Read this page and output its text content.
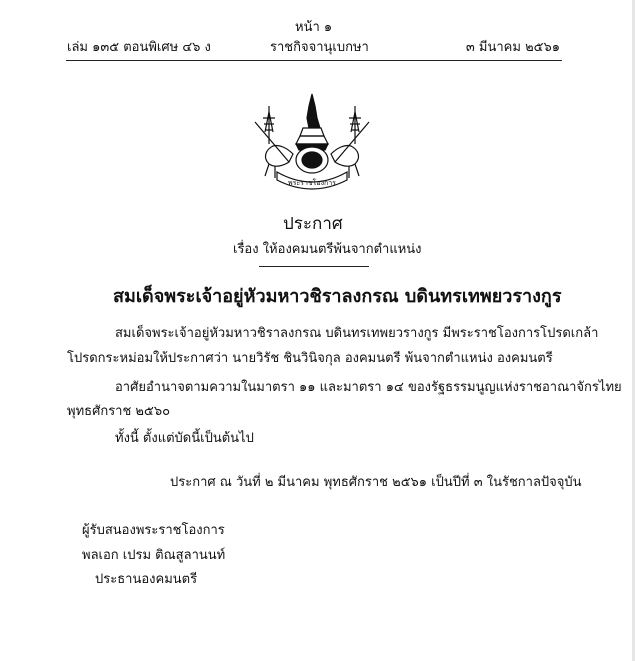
หน้า ๑
เล่ม ๑๓๕ ตอนพิเศษ ๔๖ ง	ราชกิจจานุเบกษา	๓ มีนาคม ๒๕๖๑
พระราชโองการ
ประกาศ
เรื่อง ให้องคมนตรีพ้นจากตำแหน่ง
สมเด็จพระเจ้าอยู่หัวมหาวชิราลงกรณ บดินทรเทพยวรางกูร
สมเด็จพระเจ้าอยู่หัวมหาวชิราลงกรณ บดินทรเทพยวรางกูร มีพระราชโองการโปรดเกล้า
โปรดกระหม่อมให้ประกาศว่า นายวิรัช ชินวินิจกุล องคมนตรี พ้นจากตำแหน่ง องคมนตรี
อาศัยอำนาจตามความในมาตรา ๑๑ และมาตรา ๑๔ ของรัฐธรรมนูญแห่งราชอาณาจักรไทย
พุทธศักราช ๒๕๖๐
ทั้งนี้ ตั้งแต่บัดนี้เป็นต้นไป
ประกาศ ณ วันที่ ๒ มีนาคม พุทธศักราช ๒๕๖๑ เป็นปีที่ ๓ ในรัชกาลปัจจุบัน
ผู้รับสนองพระราชโองการ
พลเอก เปรม ติณสูลานนท์
ประธานองคมนตรี
